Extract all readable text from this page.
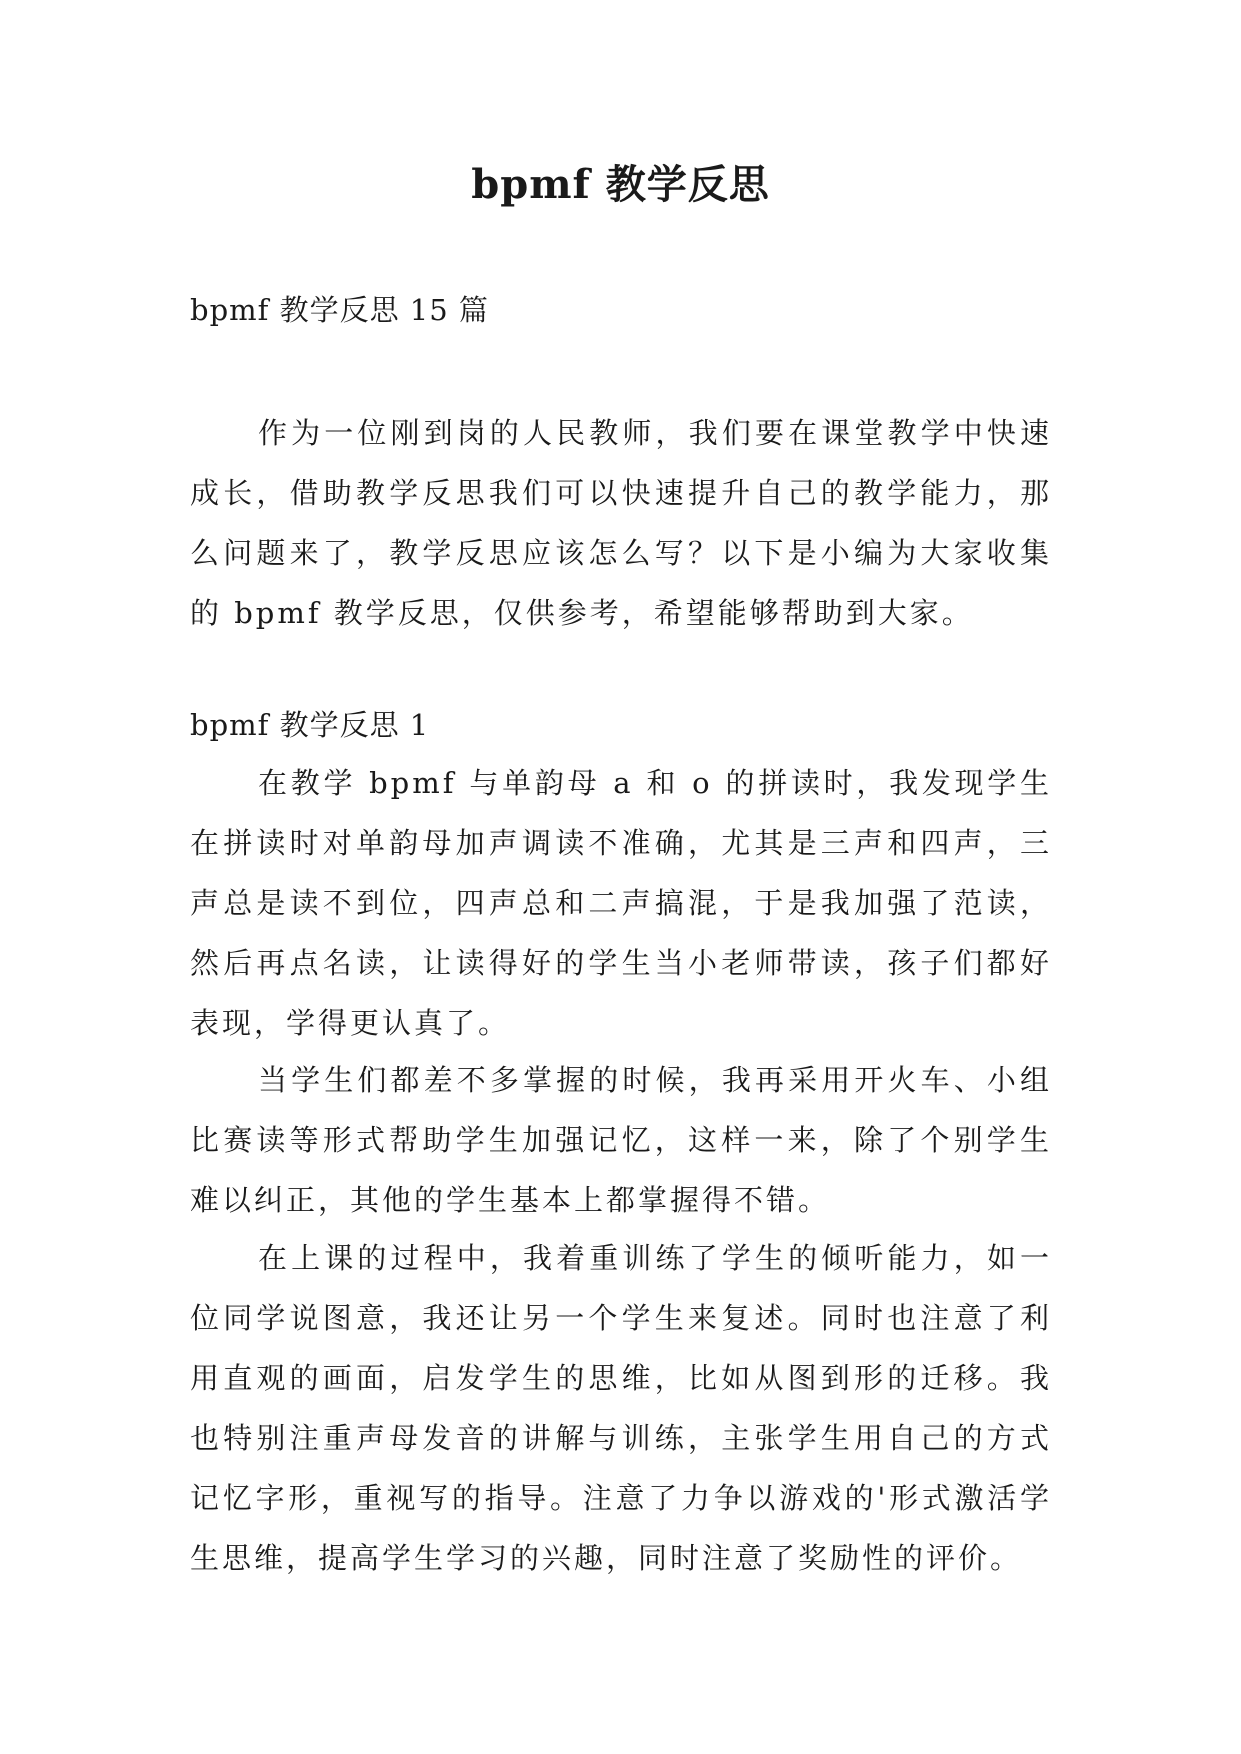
bpmf 教学反思
bpmf 教学反思 15 篇

作为一位刚到岗的人民教师，我们要在课堂教学中快速成长，借助教学反思我们可以快速提升自己的教学能力，那么问题来了，教学反思应该怎么写？以下是小编为大家收集的 bpmf 教学反思，仅供参考，希望能够帮助到大家。

bpmf 教学反思 1

在教学 bpmf 与单韵母 a 和 o 的拼读时，我发现学生在拼读时对单韵母加声调读不准确，尤其是三声和四声，三声总是读不到位，四声总和二声搞混，于是我加强了范读，然后再点名读，让读得好的学生当小老师带读，孩子们都好表现，学得更认真了。

当学生们都差不多掌握的时候，我再采用开火车、小组比赛读等形式帮助学生加强记忆，这样一来，除了个别学生难以纠正，其他的学生基本上都掌握得不错。

在上课的过程中，我着重训练了学生的倾听能力，如一位同学说图意，我还让另一个学生来复述。同时也注意了利用直观的画面，启发学生的思维，比如从图到形的迁移。我也特别注重声母发音的讲解与训练，主张学生用自己的方式记忆字形，重视写的指导。注意了力争以游戏的'形式激活学生思维，提高学生学习的兴趣，同时注意了奖励性的评价。
